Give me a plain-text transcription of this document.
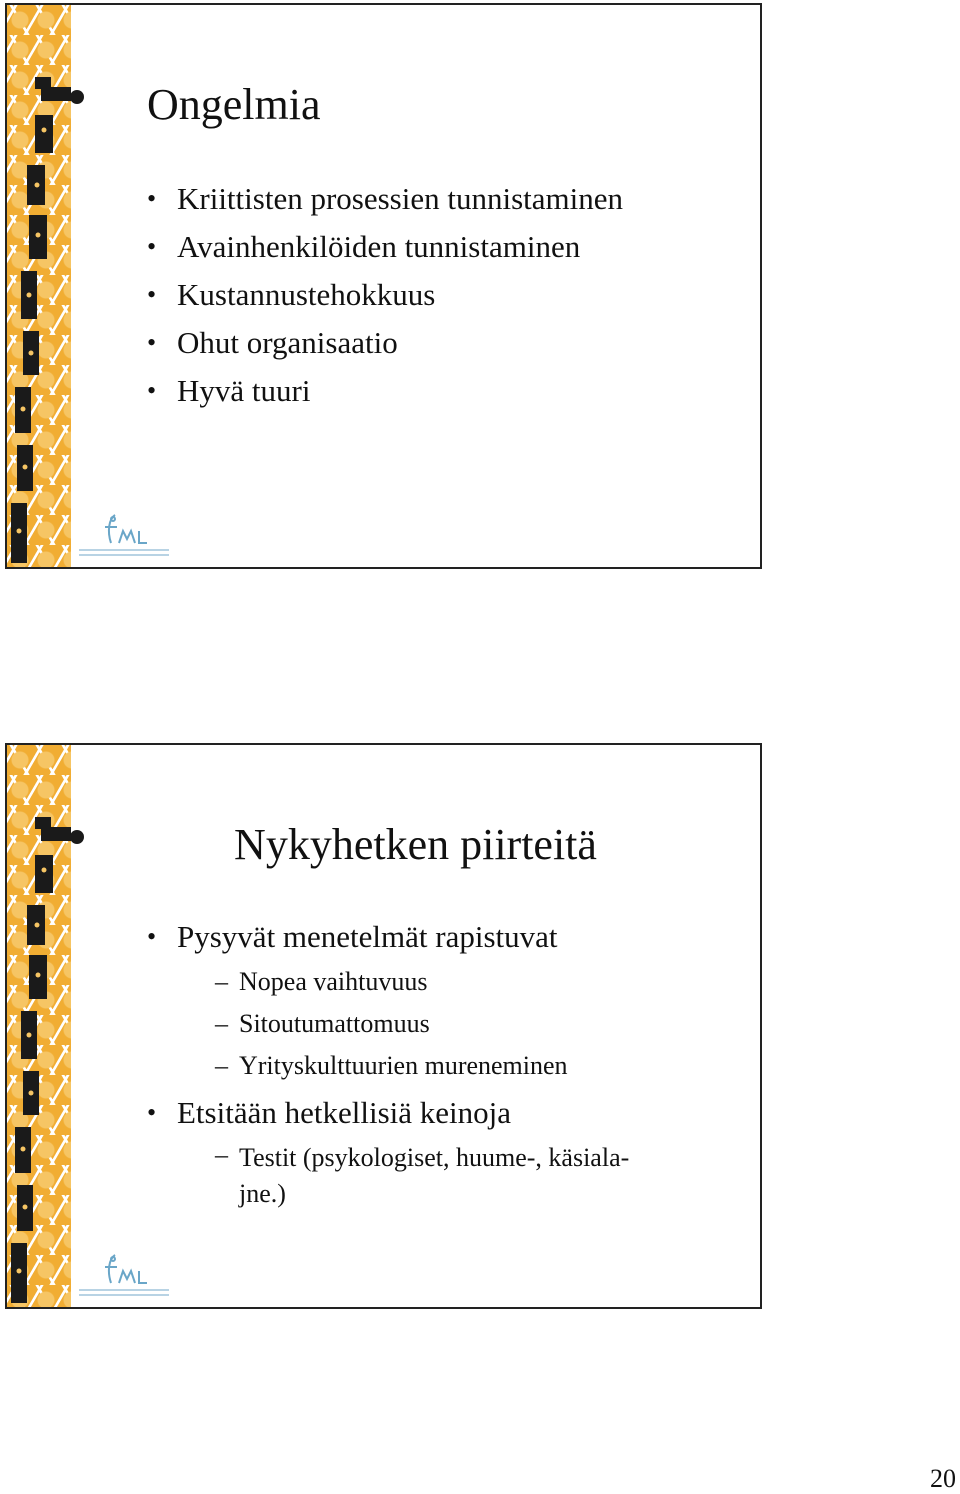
Ongelmia
• Kriittisten prosessien tunnistaminen
• Avainhenkilöiden tunnistaminen
• Kustannustehokkuus
• Ohut organisaatio
• Hyvä tuuri
Nykyhetken piirteitä
• Pysyvät menetelmät rapistuvat
– Nopea vaihtuvuus
– Sitoutumattomuus
– Yrityskulttuurien mureneminen
• Etsitään hetkellisiä keinoja
– Testit (psykologiset, huume-, käsiala- jne.)
20
